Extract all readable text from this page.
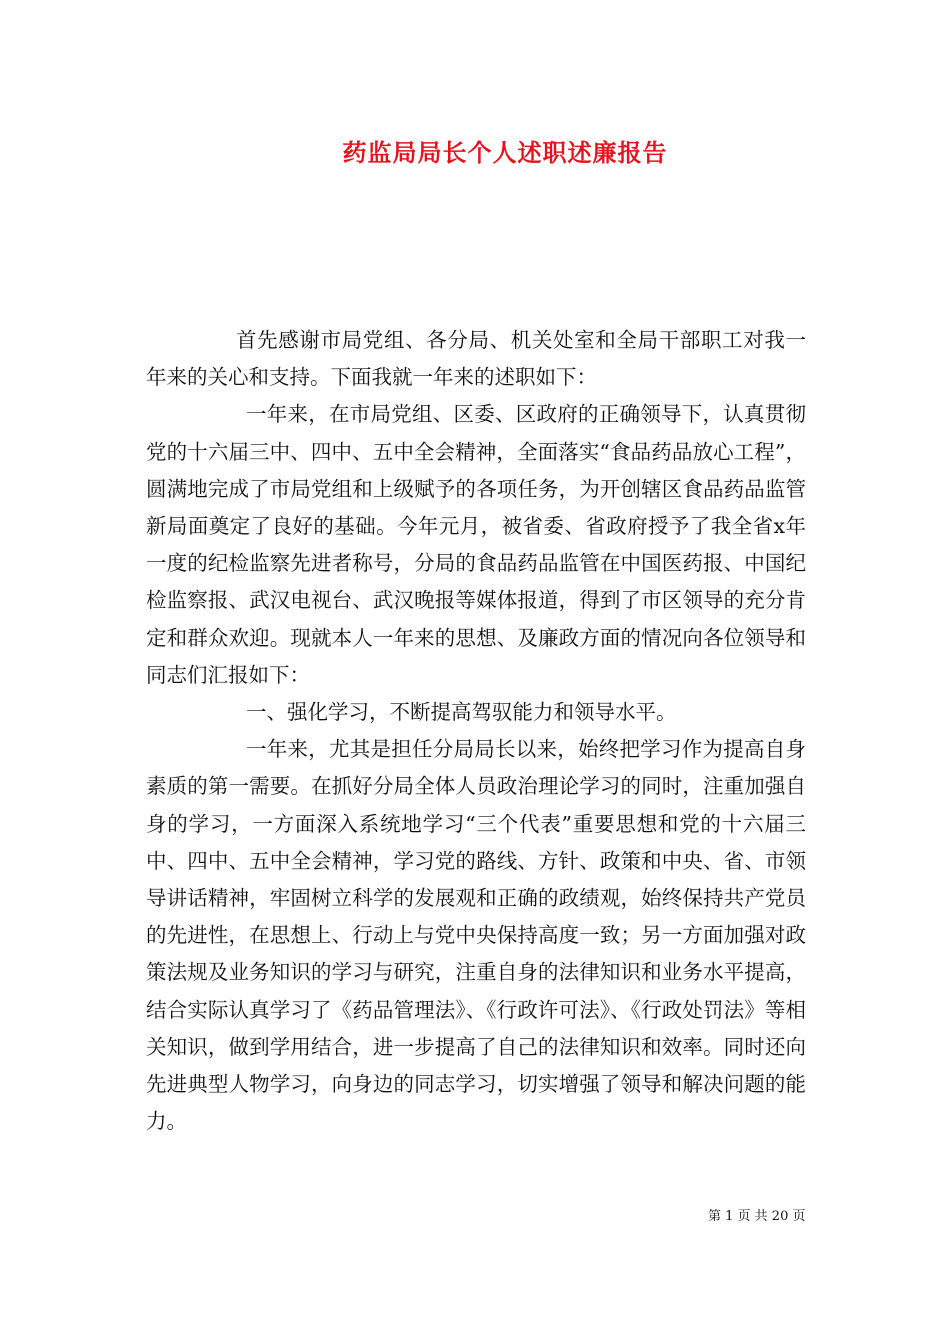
药监局局长个人述职述廉报告

首先感谢市局党组、各分局、机关处室和全局干部职工对我一年来的关心和支持。下面我就一年来的述职如下：

一年来，在市局党组、区委、区政府的正确领导下，认真贯彻党的十六届三中、四中、五中全会精神，全面落实“食品药品放心工程”，圆满地完成了市局党组和上级赋予的各项任务，为开创辖区食品药品监管新局面奠定了良好的基础。今年元月，被省委、省政府授予了我全省x年一度的纪检监察先进者称号，分局的食品药品监管在中国医药报、中国纪检监察报、武汉电视台、武汉晚报等媒体报道，得到了市区领导的充分肯定和群众欢迎。现就本人一年来的思想、及廉政方面的情况向各位领导和同志们汇报如下：

一、强化学习，不断提高驾驭能力和领导水平。

一年来，尤其是担任分局局长以来，始终把学习作为提高自身素质的第一需要。在抓好分局全体人员政治理论学习的同时，注重加强自身的学习，一方面深入系统地学习“三个代表”重要思想和党的十六届三中、四中、五中全会精神，学习党的路线、方针、政策和中央、省、市领导讲话精神，牢固树立科学的发展观和正确的政绩观，始终保持共产党员的先进性，在思想上、行动上与党中央保持高度一致；另一方面加强对政策法规及业务知识的学习与研究，注重自身的法律知识和业务水平提高，结合实际认真学习了《药品管理法》、《行政许可法》、《行政处罚法》等相关知识，做到学用结合，进一步提高了自己的法律知识和效率。同时还向先进典型人物学习，向身边的同志学习，切实增强了领导和解决问题的能力。

第 1 页 共 20 页
